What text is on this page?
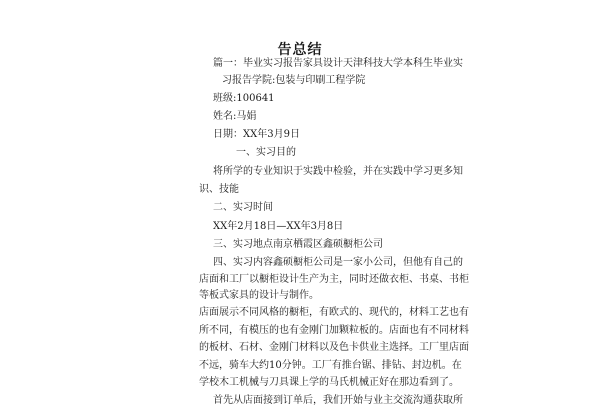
告总结
篇一：毕业实习报告家具设计天津科技大学本科生毕业实
习报告学院:包装与印刷工程学院
班级:100641
姓名:马娟
日期：XX年3月9日
一、实习目的
将所学的专业知识于实践中检验，并在实践中学习更多知
识、技能
二、实习时间
XX年2月18日—XX年3月8日
三、实习地点南京栖霞区鑫硕橱柜公司
四、实习内容鑫硕橱柜公司是一家小公司，但他有自己的
店面和工厂以橱柜设计生产为主，同时还做衣柜、书桌、书柜
等板式家具的设计与制作。
店面展示不同风格的橱柜，有欧式的、现代的，材料工艺也有
所不同，有模压的也有金刚门加颗粒板的。店面也有不同材料
的板材、石材、金刚门材料以及色卡供业主选择。工厂里店面
不远，骑车大约10分钟。工厂有推台锯、排钻、封边机。在
学校木工机械与刀具课上学的马氏机械正好在那边看到了。
首先从店面接到订单后，我们开始与业主交流沟通获取所
